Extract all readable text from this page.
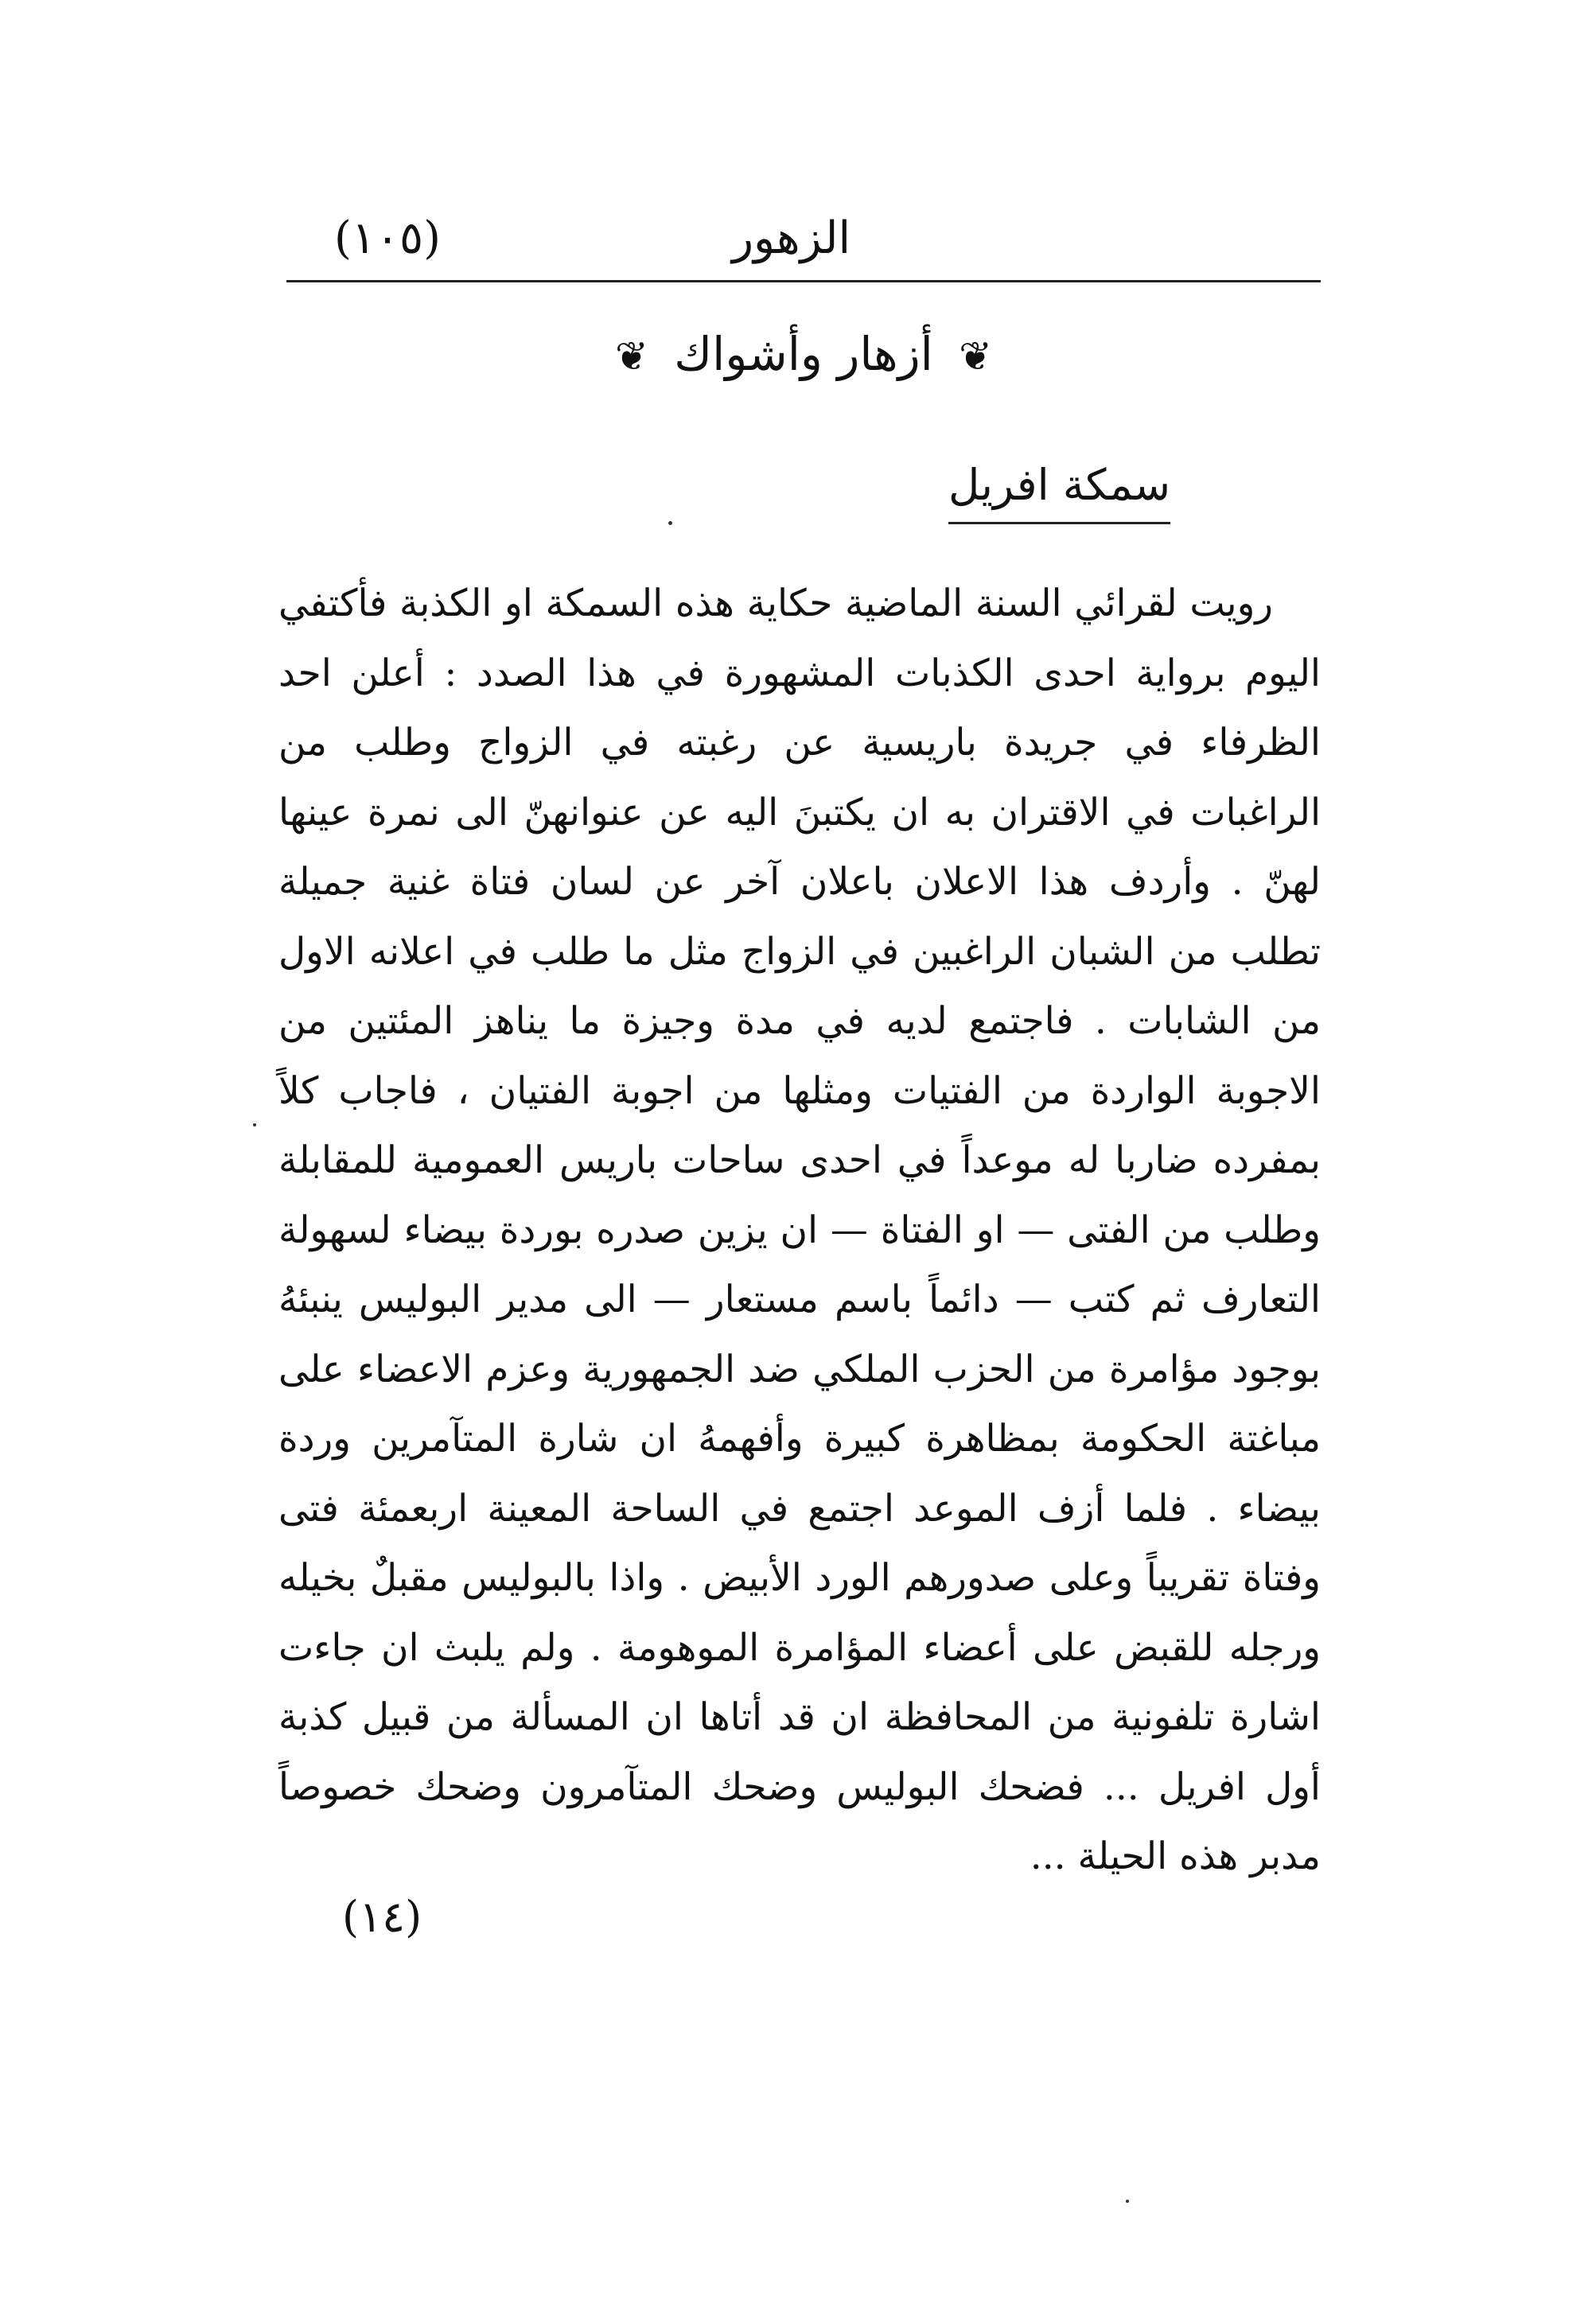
(١٠٥)	الزهور
❦ أزهار وأشواك ❦
سمكة افريل
رويت لقرائي السنة الماضية حكاية هذه السمكة او الكذبة فأكتفي اليوم برواية احدى الكذبات المشهورة في هذا الصدد : أعلن احد الظرفاء في جريدة باريسية عن رغبته في الزواج وطلب من الراغبات في الاقتران به ان يكتبنَ اليه عن عنوانهنّ الى نمرة عينها لهنّ . وأردف هذا الاعلان باعلان آخر عن لسان فتاة غنية جميلة تطلب من الشبان الراغبين في الزواج مثل ما طلب في اعلانه الاول من الشابات . فاجتمع لديه في مدة وجيزة ما يناهز المئتين من الاجوبة الواردة من الفتيات ومثلها من اجوبة الفتيان ، فاجاب كلاً بمفرده ضاربا له موعداً في احدى ساحات باريس العمومية للمقابلة وطلب من الفتى — او الفتاة — ان يزين صدره بوردة بيضاء لسهولة التعارف ثم كتب — دائماً باسم مستعار — الى مدير البوليس ينبئهُ بوجود مؤامرة من الحزب الملكي ضد الجمهورية وعزم الاعضاء على مباغتة الحكومة بمظاهرة كبيرة وأفهمهُ ان شارة المتآمرين وردة بيضاء . فلما أزف الموعد اجتمع في الساحة المعينة اربعمئة فتى وفتاة تقريباً وعلى صدورهم الورد الأبيض . واذا بالبوليس مقبلٌ بخيله ورجله للقبض على أعضاء المؤامرة الموهومة . ولم يلبث ان جاءت اشارة تلفونية من المحافظة ان قد أتاها ان المسألة من قبيل كذبة أول افريل ... فضحك البوليس وضحك المتآمرون وضحك خصوصاً مدبر هذه الحيلة ...
(١٤)
